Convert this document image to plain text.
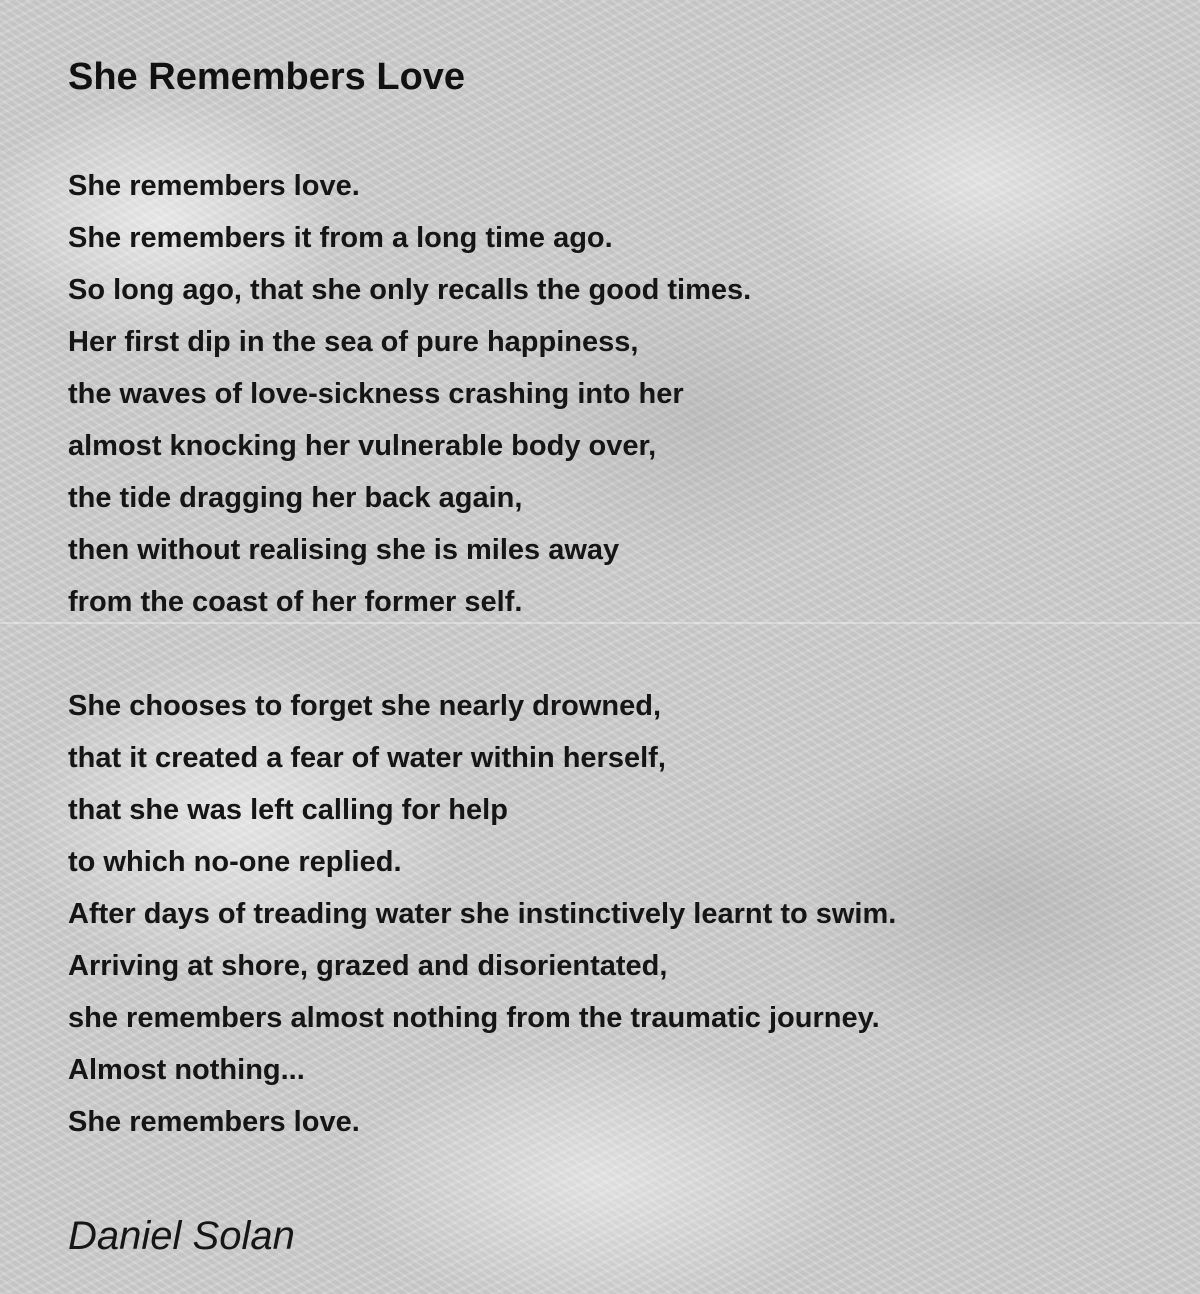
She Remembers Love
She remembers love.
She remembers it from a long time ago.
So long ago, that she only recalls the good times.
Her first dip in the sea of pure happiness,
the waves of love-sickness crashing into her
almost knocking her vulnerable body over,
the tide dragging her back again,
then without realising she is miles away
from the coast of her former self.
She chooses to forget she nearly drowned,
that it created a fear of water within herself,
that she was left calling for help
to which no-one replied.
After days of treading water she instinctively learnt to swim.
Arriving at shore, grazed and disorientated,
she remembers almost nothing from the traumatic journey.
Almost nothing...
She remembers love.
Daniel Solan
